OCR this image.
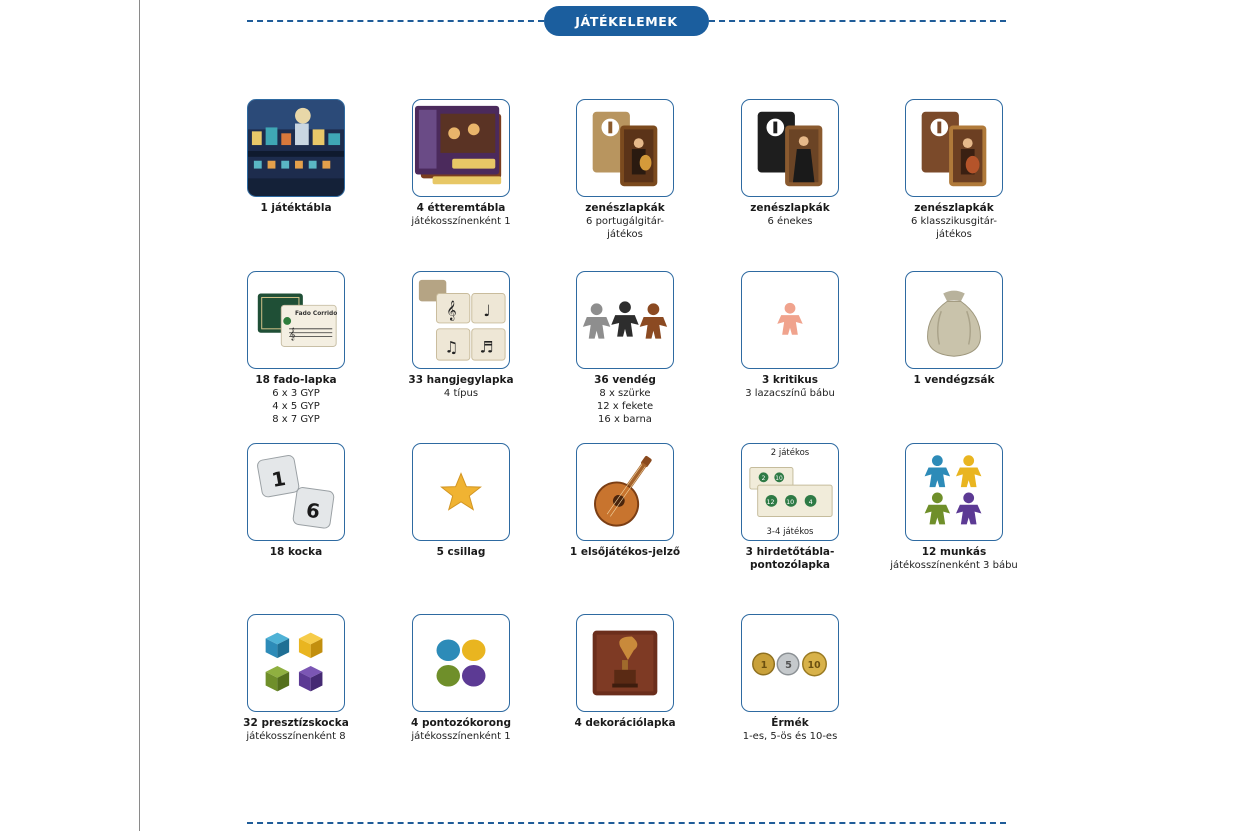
JÁTÉKELEMEK
1 játéktábla	4 étteremtábla
játékosszínenként 1
zenészlapkák
6 portugálgitár-
játékos
zenészlapkák
6 énekes
zenészlapkák
6 klasszikusgitár-
játékos
Fado Corrido
𝄞
18 fado-lapka
6 x 3 GYP
4 x 5 GYP
8 x 7 GYP
𝄞 ♩
♫ ♬
33 hangjegylapka
4 típus
36 vendég
8 x szürke
12 x fekete
16 x barna
3 kritikus
3 lazacszínű bábu
1 vendégzsák
1
6
18 kocka	5 csillag	1 elsőjátékos-jelző
2 játékos
2 10
12 10 4
3-4 játékos
3 hirdetőtábla-
pontozólapka
12 munkás
játékosszínenként 3 bábu
32 presztízskocka
játékosszínenként 8
4 pontozókorong
játékosszínenként 1
4 dekorációlapka
1 5 10
Érmék
1-es, 5-ös és 10-es
